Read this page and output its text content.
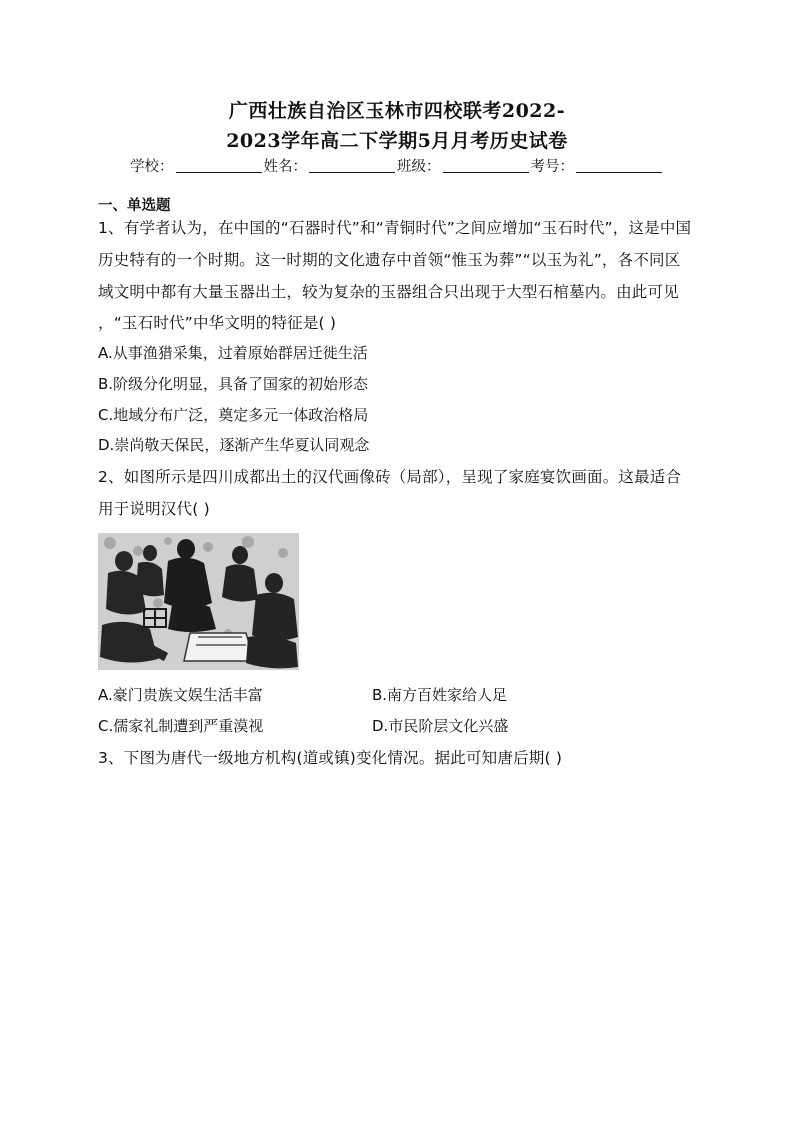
广西壮族自治区玉林市四校联考2022-
2023学年高二下学期5月月考历史试卷
学校：	姓名：	班级：	考号：
一、单选题
1、有学者认为，在中国的“石器时代”和“青铜时代”之间应增加“玉石时代”，这是中国
历史特有的一个时期。这一时期的文化遗存中首领“惟玉为葬”“以玉为礼”，各不同区
域文明中都有大量玉器出土，较为复杂的玉器组合只出现于大型石棺墓内。由此可见
，“玉石时代”中华文明的特征是( )
A.从事渔猎采集，过着原始群居迁徙生活
B.阶级分化明显，具备了国家的初始形态
C.地域分布广泛，奠定多元一体政治格局
D.崇尚敬天保民，逐渐产生华夏认同观念
2、如图所示是四川成都出土的汉代画像砖（局部），呈现了家庭宴饮画面。这最适合
用于说明汉代( )
A.豪门贵族文娱生活丰富	B.南方百姓家给人足
C.儒家礼制遭到严重漠视	D.市民阶层文化兴盛
3、下图为唐代一级地方机构(道或镇)变化情况。据此可知唐后期( )
